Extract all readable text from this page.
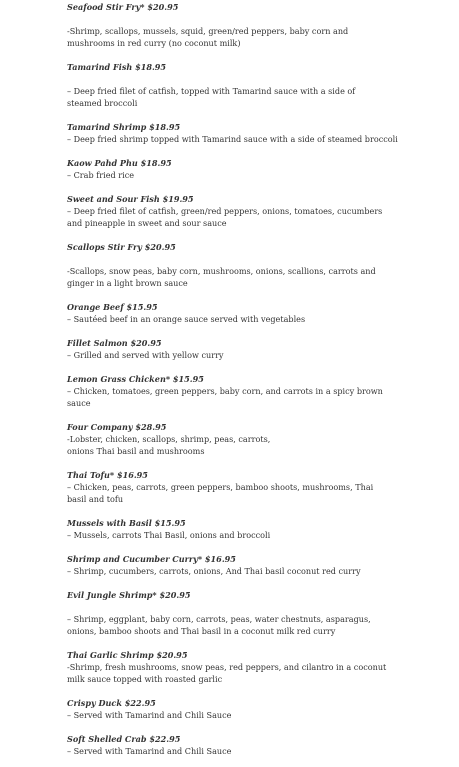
Seafood Stir Fry* $20.95
-Shrimp, scallops, mussels, squid, green/red peppers, baby corn and mushrooms in red curry (no coconut milk)
Tamarind Fish $18.95
– Deep fried filet of catfish, topped with Tamarind sauce with a side of steamed broccoli
Tamarind Shrimp $18.95
– Deep fried shrimp topped with Tamarind sauce with a side of steamed broccoli
Kaow Pahd Phu $18.95
– Crab fried rice
Sweet and Sour Fish $19.95
– Deep fried filet of catfish, green/red peppers, onions, tomatoes, cucumbers and pineapple in sweet and sour sauce
Scallops Stir Fry $20.95
-Scallops, snow peas, baby corn, mushrooms, onions, scallions, carrots and ginger in a light brown sauce
Orange Beef $15.95
– Sautéed beef in an orange sauce served with vegetables
Fillet Salmon $20.95
– Grilled and served with yellow curry
Lemon Grass Chicken* $15.95
– Chicken, tomatoes, green peppers, baby corn, and carrots in a spicy brown sauce
Four Company $28.95
-Lobster, chicken, scallops, shrimp, peas, carrots,
onions Thai basil and mushrooms
Thai Tofu* $16.95
– Chicken, peas, carrots, green peppers, bamboo shoots, mushrooms, Thai basil and tofu
Mussels with Basil $15.95
– Mussels, carrots Thai Basil, onions and broccoli
Shrimp and Cucumber Curry* $16.95
– Shrimp, cucumbers, carrots, onions, And Thai basil coconut red curry
Evil Jungle Shrimp* $20.95
– Shrimp, eggplant, baby corn, carrots, peas, water chestnuts, asparagus, onions, bamboo shoots and Thai basil in a coconut milk red curry
Thai Garlic Shrimp $20.95
-Shrimp, fresh mushrooms, snow peas, red peppers, and cilantro in a coconut milk sauce topped with roasted garlic
Crispy Duck $22.95
– Served with Tamarind and Chili Sauce
Soft Shelled Crab $22.95
– Served with Tamarind and Chili Sauce
